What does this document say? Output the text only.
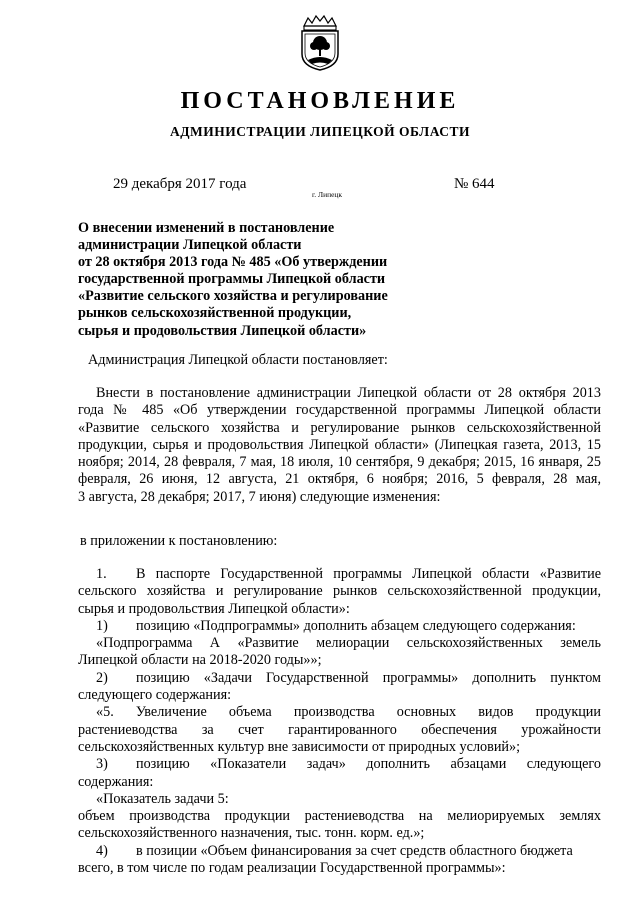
ПОСТАНОВЛЕНИЕ
АДМИНИСТРАЦИИ ЛИПЕЦКОЙ ОБЛАСТИ
29 декабря 2017 года
г. Липецк
№ 644
О внесении изменений в постановление
администрации Липецкой области
от 28 октября 2013 года № 485 «Об утверждении
государственной программы Липецкой области
«Развитие сельского хозяйства и регулирование
рынков сельскохозяйственной продукции,
сырья и продовольствия Липецкой области»
Администрация Липецкой области постановляет:
Внести в постановление администрации Липецкой области от 28 октября 2013
года № 485 «Об утверждении государственной программы Липецкой области
«Развитие сельского хозяйства и регулирование рынков сельскохозяйственной
продукции, сырья и продовольствия Липецкой области» (Липецкая газета, 2013, 15
ноября; 2014, 28 февраля, 7 мая, 18 июля, 10 сентября, 9 декабря; 2015, 16 января, 25
февраля, 26 июня, 12 августа, 21 октября, 6 ноября; 2016, 5 февраля, 28 мая,
3 августа, 28 декабря; 2017, 7 июня) следующие изменения:
в приложении к постановлению:
1. В паспорте Государственной программы Липецкой области «Развитие
сельского хозяйства и регулирование рынков сельскохозяйственной продукции,
сырья и продовольствия Липецкой области»:
1) позицию «Подпрограммы» дополнить абзацем следующего содержания:
«Подпрограмма А «Развитие мелиорации сельскохозяйственных земель
Липецкой области на 2018-2020 годы»»;
2) позицию «Задачи Государственной программы» дополнить пунктом
следующего содержания:
«5. Увеличение объема производства основных видов продукции
растениеводства за счет гарантированного обеспечения урожайности
сельскохозяйственных культур вне зависимости от природных условий»;
3) позицию «Показатели задач» дополнить абзацами следующего
содержания:
«Показатель задачи 5:
объем производства продукции растениеводства на мелиорируемых землях
сельскохозяйственного назначения, тыс. тонн. корм. ед.»;
4) в позиции «Объем финансирования за счет средств областного бюджета
всего, в том числе по годам реализации Государственной программы»:
